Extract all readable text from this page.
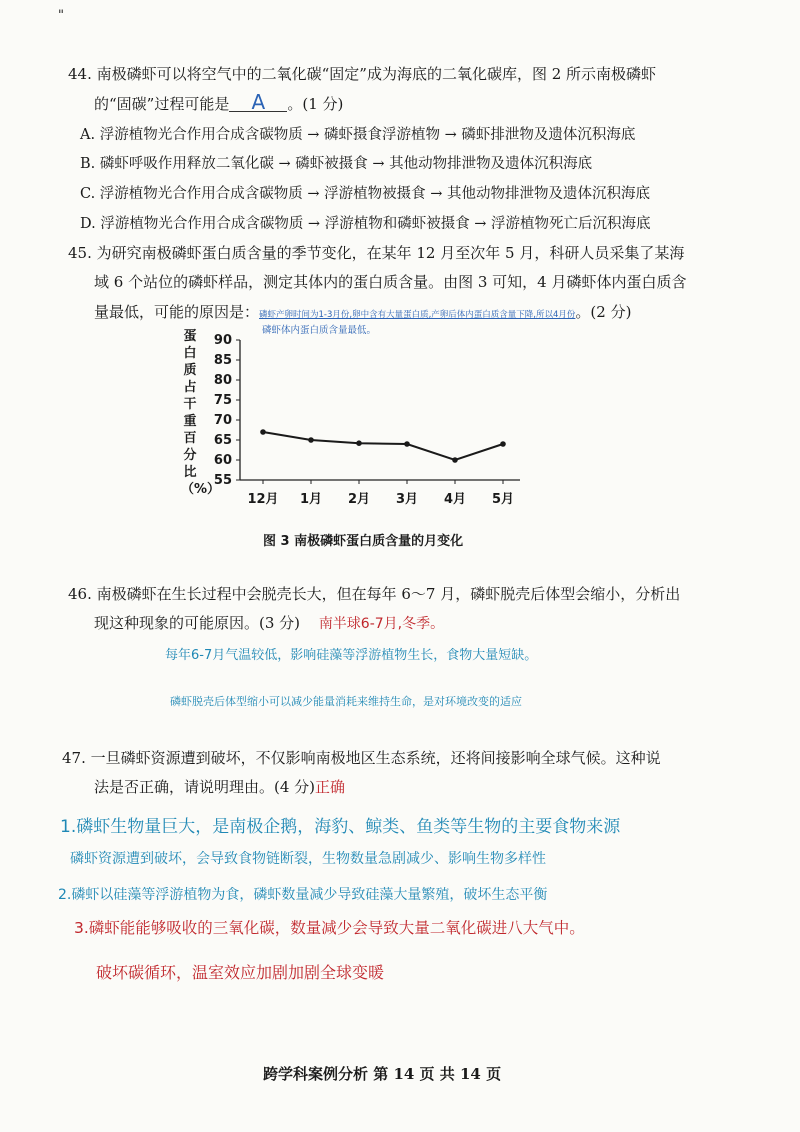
"
44. 南极磷虾可以将空气中的二氧化碳“固定”成为海底的二氧化碳库，图 2 所示南极磷虾
的“固碳”过程可能是 A 。(1 分)
A. 浮游植物光合作用合成含碳物质 → 磷虾摄食浮游植物 → 磷虾排泄物及遗体沉积海底
B. 磷虾呼吸作用释放二氧化碳 → 磷虾被摄食 → 其他动物排泄物及遗体沉积海底
C. 浮游植物光合作用合成含碳物质 → 浮游植物被摄食 → 其他动物排泄物及遗体沉积海底
D. 浮游植物光合作用合成含碳物质 → 浮游植物和磷虾被摄食 → 浮游植物死亡后沉积海底
45. 为研究南极磷虾蛋白质含量的季节变化，在某年 12 月至次年 5 月，科研人员采集了某海
域 6 个站位的磷虾样品，测定其体内的蛋白质含量。由图 3 可知，4 月磷虾体内蛋白质含
量最低，可能的原因是：磷虾产卵时间为1-3月份,卵中含有大量蛋白质,产卵后体内蛋白质含量下降,所以4月份。(2 分)
磷虾体内蛋白质含量最低。
蛋白质占干重百分比（%）
55
60
65
70
75
80
85
90
12月 1月 2月 3月 4月 5月
图 3 南极磷虾蛋白质含量的月变化
46. 南极磷虾在生长过程中会脱壳长大，但在每年 6～7 月，磷虾脱壳后体型会缩小，分析出
现这种现象的可能原因。(3 分) 南半球6-7月,冬季。
每年6-7月气温较低，影响硅藻等浮游植物生长，食物大量短缺。
磷虾脱壳后体型缩小可以减少能量消耗来维持生命，是对环境改变的适应
47. 一旦磷虾资源遭到破坏，不仅影响南极地区生态系统，还将间接影响全球气候。这种说
法是否正确，请说明理由。(4 分)正确
1.磷虾生物量巨大，是南极企鹅，海豹、鲸类、鱼类等生物的主要食物来源
磷虾资源遭到破坏，会导致食物链断裂，生物数量急剧减少、影响生物多样性
2.磷虾以硅藻等浮游植物为食，磷虾数量减少导致硅藻大量繁殖，破坏生态平衡
3.磷虾能能够吸收的三氧化碳，数量减少会导致大量二氧化碳进八大气中。
破坏碳循环，温室效应加剧加剧全球变暖
跨学科案例分析 第 14 页 共 14 页
